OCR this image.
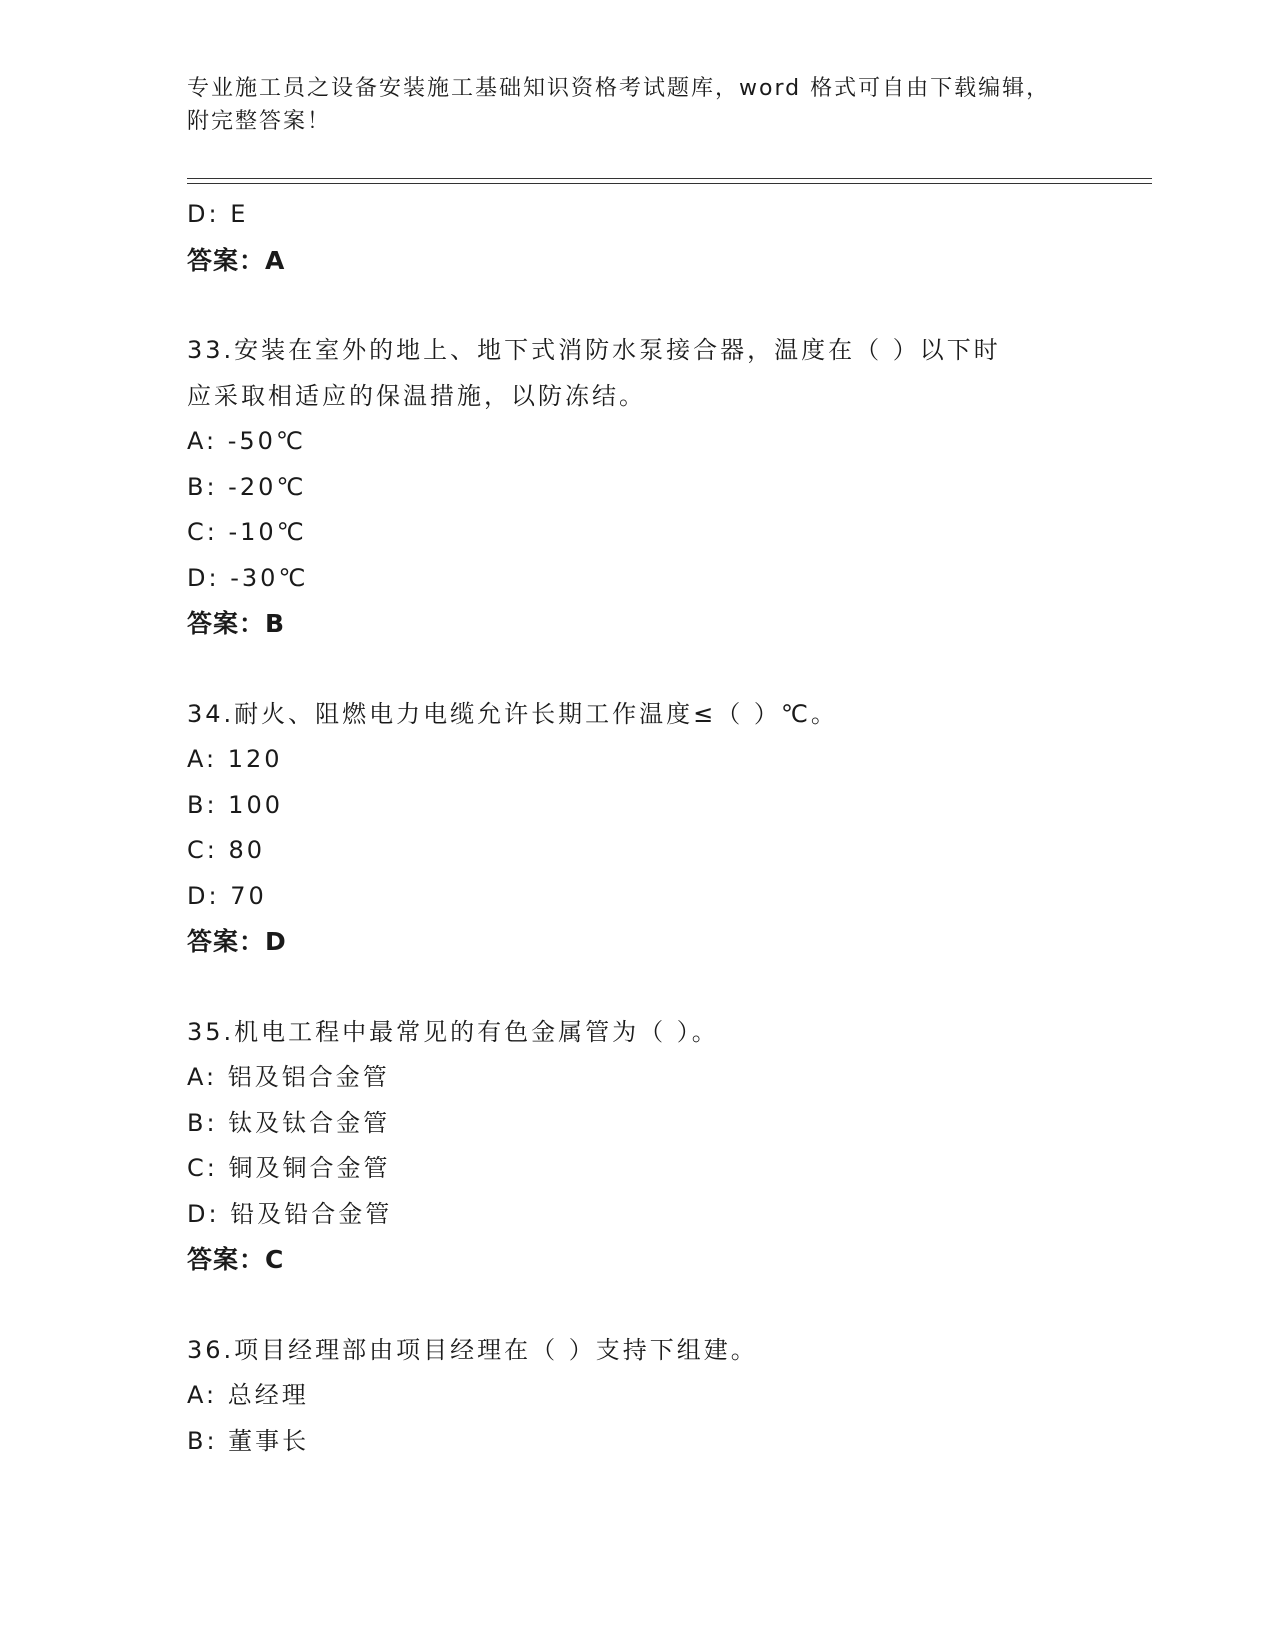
专业施工员之设备安装施工基础知识资格考试题库，word 格式可自由下载编辑，
附完整答案！
D: E
答案：A
33.安装在室外的地上、地下式消防水泵接合器，温度在（ ）以下时
应采取相适应的保温措施，以防冻结。
A: -50℃
B: -20℃
C: -10℃
D: -30℃
答案：B
34.耐火、阻燃电力电缆允许长期工作温度≤（ ）℃。
A: 120
B: 100
C: 80
D: 70
答案：D
35.机电工程中最常见的有色金属管为（ ）。
A: 铝及铝合金管
B: 钛及钛合金管
C: 铜及铜合金管
D: 铅及铅合金管
答案：C
36.项目经理部由项目经理在（ ）支持下组建。
A: 总经理
B: 董事长
